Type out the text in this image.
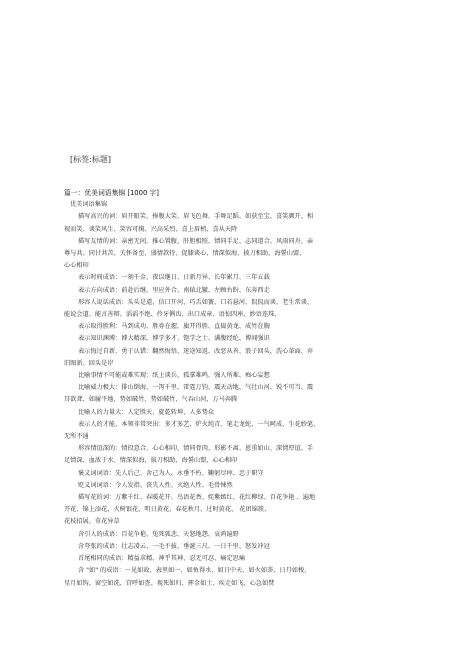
[标签:标题]

篇一：优美词语集锦 [1000 字]

优美词语集锦

描写高兴的词：眉开眼笑、捧腹大笑、眉飞色舞、手舞足蹈、如获至宝、喜笑颜开、相

视而笑、谈笑风生、笑容可掬、兴高采烈、喜上眉梢、喜从天降

描写友情的词：亲密无间、推心置腹、肝胆相照、情同手足、志同道合、风雨同舟、亲

尊与共、同甘共苦、关怀备至、盛情款待、促膝谈心、情深似海、披刀相助、海誓山盟、

心心相印

表示时间成语：一刻千金、夜以继日、日新月异、长年累月、三年五载

表示方向成语：前赴后继、里应外合、南辕北辙、左顾右盼、东奔西走

形容人说话成语：头头是道、信口开河、巧舌如簧、口若悬河、侃侃而谈、老生常谈、

能说会道、能言善辩、滔滔不绝、伶牙俐齿、出口成章、语惊四座、妙语连珠、

表示取得胜利：马到成功、胜券在握、旗开得胜、直捣黄龙、成竹在胸

表示知识渊博：博大精深、博学多才、饱学之士、满腹经纶、博闻强识

表示悔过自新、勇于认错：翻然悔悟、迷途知返、改恶从善、浪子回头、洗心革面、弃

旧图新、回头是岸

比喻事情不可能或难实现：纸上谈兵、孤掌难鸣、强人所难、痴心妄想

比喻威力极大：排山倒海、一泻千里、雷霆万钧、震天动地、气壮山河、锐不可当、震

耳欲聋、如履平地、势如破竹、势如破竹、气吞山河、万马奔腾

比喻人的力量大：人定胜天、旋乾转坤、人多势众

表示人的才能、本领非常突出：多才多艺、炉火纯青、笔走龙蛇、一气呵成、生花妙笔、

无所不通

形容情谊深的：情投意合、心心相印、情同骨肉、形影不离、恩重如山、深情厚谊、手

足情深、血浓于水、情深似海、拔刀相助、海誓山盟、心心相印

褒义词词语：先人后己、舍己为人、永垂不朽、鞠躬尽瘁、忠于职守

贬义词词语：令人发指、丧失人性、灭绝人性、毛骨悚然

描写花的词：万紫千红、春暖花开、鸟语花香、姹紫嫣红、花红柳绿、百花争艳 、遍地

开花、锦上添花、火树银花、明日黄花、春花秋月、过时黄花、 花团锦簇、

花枝招展、奇花异草

含引人的成语：百花争艳、兔死狐悲、天怒地怨、哀鸿遍野

含夸张的成语：壮志凌云、一毛不拔、垂涎三尺、一日千里、怒发冲冠

首尾相同的成语：精益求精、神乎其神、忍无可忍、痛定思痛

含 "如" 的成语：一见如故、表里如一、如鱼得水、如日中天、如火如荼、日月如梭、

星月如钩、窗空如洗、宫呼如查、视死如归、挥金如土、疾走如飞、心急如焚
